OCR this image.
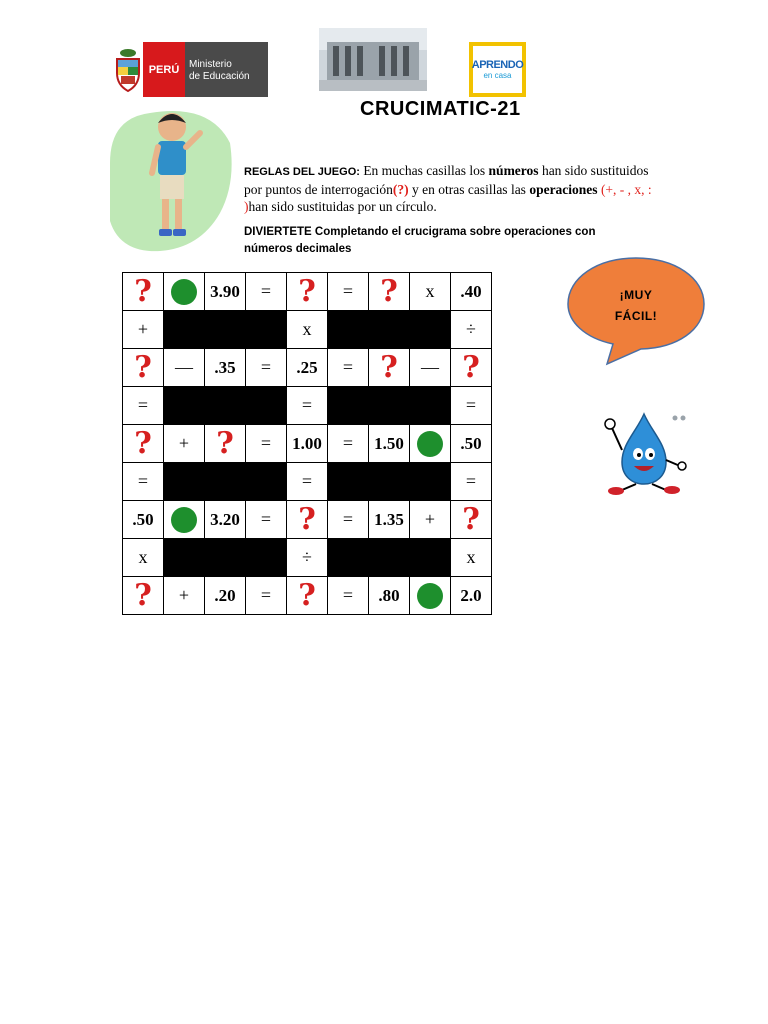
PERÚ Ministerio
de Educación
APRENDO
en casa
CRUCIMATIC-21
REGLAS DEL JUEGO: En muchas casillas los números han sido sustituidos por puntos de interrogación(?) y en otras casillas las operaciones (+, - , x, : )han sido sustituidas por un círculo.
DIVIERTETE Completando el crucigrama sobre operaciones con números decimales
?		3.90	=	?	=	?	x	.40
+				x				÷
?	—	.35	=	.25	=	?	—	?
=				=				=
?	+	?	=	1.00	=	1.50		.50
=				=				=
.50		3.20	=	?	=	1.35	+	?
x				÷				x
?	+	.20	=	?	=	.80		2.0
¡MUY
FÁCIL!
